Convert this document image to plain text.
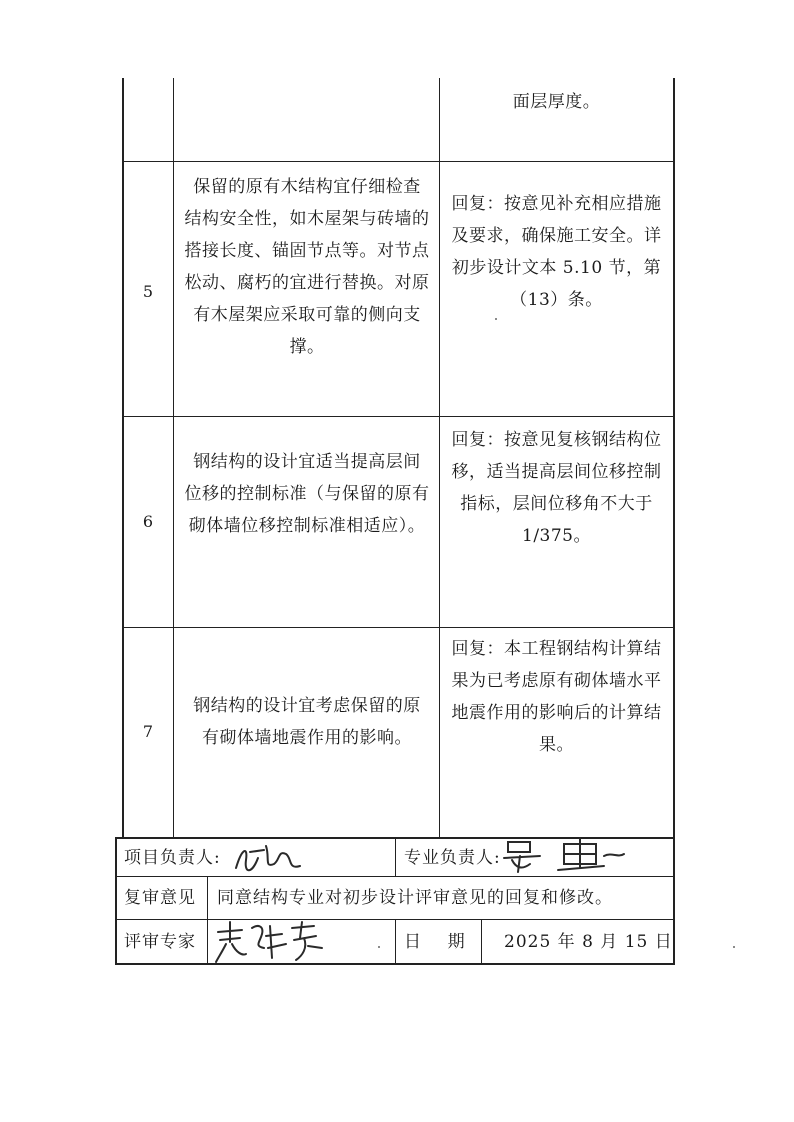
面层厚度。
5
保留的原有木结构宜仔细检查
结构安全性，如木屋架与砖墙的
搭接长度、锚固节点等。对节点
松动、腐朽的宜进行替换。对原
有木屋架应采取可靠的侧向支
撑。
回复：按意见补充相应措施
及要求，确保施工安全。详
初步设计文本 5.10 节，第
（13）条。
6
钢结构的设计宜适当提高层间
位移的控制标准（与保留的原有
砌体墙位移控制标准相适应）。
回复：按意见复核钢结构位
移，适当提高层间位移控制
指标，层间位移角不大于
1/375。
7
钢结构的设计宜考虑保留的原
有砌体墙地震作用的影响。
回复：本工程钢结构计算结
果为已考虑原有砌体墙水平
地震作用的影响后的计算结
果。
项目负责人:	专业负责人:
复审意见 同意结构专业对初步设计评审意见的回复和修改。
评审专家	日    期 2025 年 8 月 15 日
